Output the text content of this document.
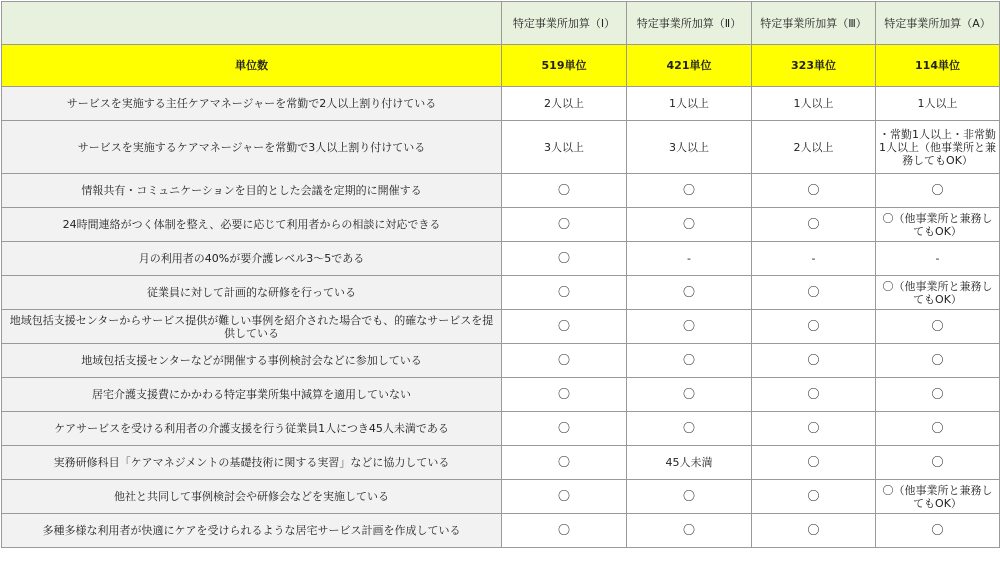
	特定事業所加算（Ⅰ）	特定事業所加算（Ⅱ）	特定事業所加算（Ⅲ）	特定事業所加算（A）
単位数	519単位	421単位	323単位	114単位
サービスを実施する主任ケアマネージャーを常勤で2人以上割り付けている	2人以上	1人以上	1人以上	1人以上
サービスを実施するケアマネージャーを常勤で3人以上割り付けている	3人以上	3人以上	2人以上	・常勤1人以上・非常勤1人以上（他事業所と兼務してもOK）
情報共有・コミュニケーションを目的とした会議を定期的に開催する	〇	〇	〇	〇
24時間連絡がつく体制を整え、必要に応じて利用者からの相談に対応できる	〇	〇	〇	〇（他事業所と兼務してもOK）
月の利用者の40%が要介護レベル3～5である	〇	-	-	-
従業員に対して計画的な研修を行っている	〇	〇	〇	〇（他事業所と兼務してもOK）
地域包括支援センターからサービス提供が難しい事例を紹介された場合でも、的確なサービスを提供している	〇	〇	〇	〇
地域包括支援センターなどが開催する事例検討会などに参加している	〇	〇	〇	〇
居宅介護支援費にかかわる特定事業所集中減算を適用していない	〇	〇	〇	〇
ケアサービスを受ける利用者の介護支援を行う従業員1人につき45人未満である	〇	〇	〇	〇
実務研修科目「ケアマネジメントの基礎技術に関する実習」などに協力している	〇	45人未満	〇	〇
他社と共同して事例検討会や研修会などを実施している	〇	〇	〇	〇（他事業所と兼務してもOK）
多種多様な利用者が快適にケアを受けられるような居宅サービス計画を作成している	〇	〇	〇	〇
